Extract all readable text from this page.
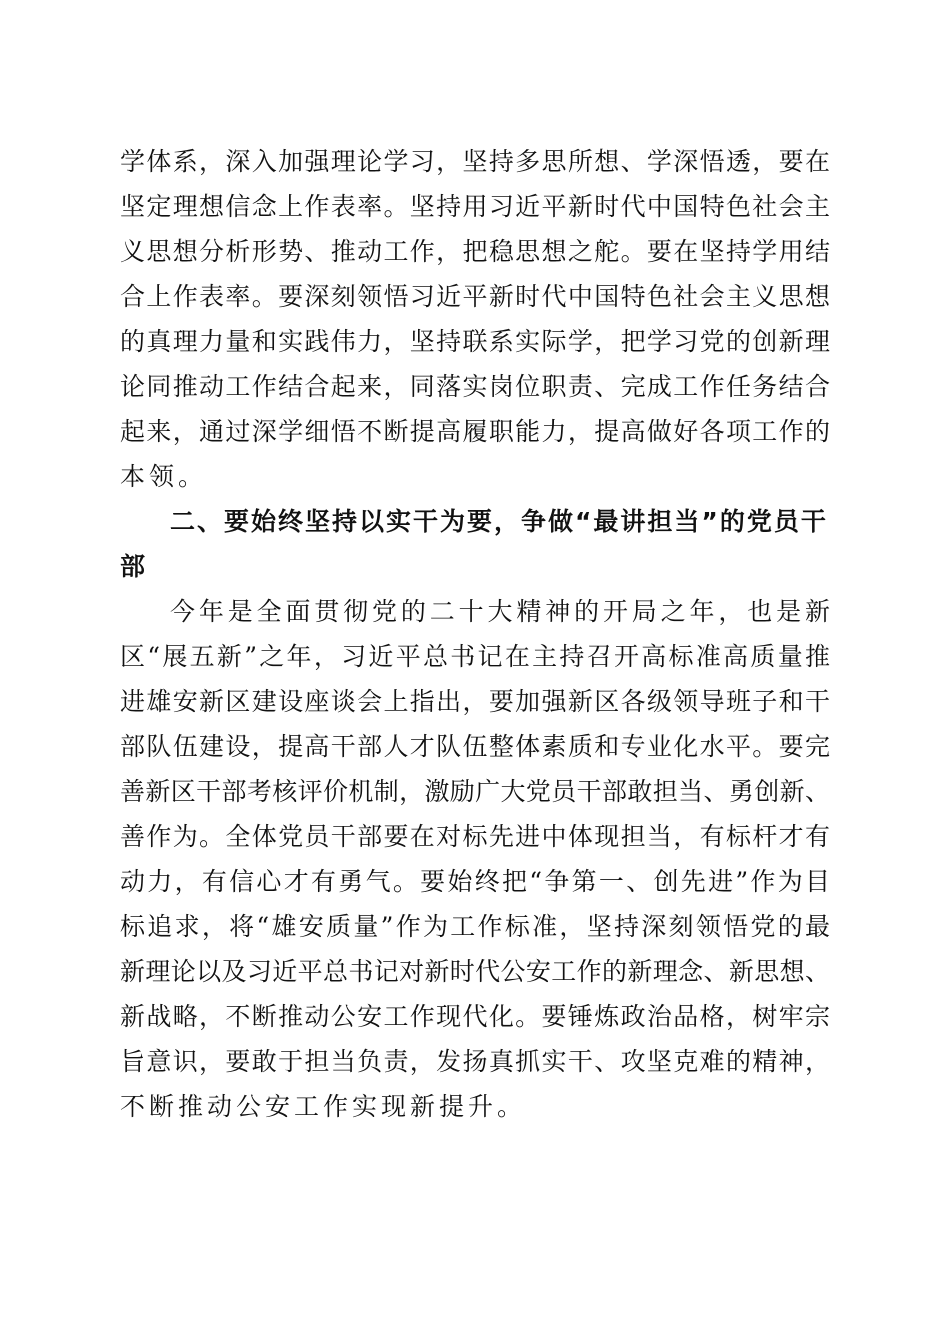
学体系，深入加强理论学习，坚持多思所想、学深悟透，要在
坚定理想信念上作表率。坚持用习近平新时代中国特色社会主
义思想分析形势、推动工作，把稳思想之舵。要在坚持学用结
合上作表率。要深刻领悟习近平新时代中国特色社会主义思想
的真理力量和实践伟力，坚持联系实际学，把学习党的创新理
论同推动工作结合起来，同落实岗位职责、完成工作任务结合
起来，通过深学细悟不断提高履职能力，提高做好各项工作的
本领。
二、要始终坚持以实干为要，争做“最讲担当”的党员干
部
今年是全面贯彻党的二十大精神的开局之年，也是新
区“展五新”之年，习近平总书记在主持召开高标准高质量推
进雄安新区建设座谈会上指出，要加强新区各级领导班子和干
部队伍建设，提高干部人才队伍整体素质和专业化水平。要完
善新区干部考核评价机制，激励广大党员干部敢担当、勇创新、
善作为。全体党员干部要在对标先进中体现担当，有标杆才有
动力，有信心才有勇气。要始终把“争第一、创先进”作为目
标追求，将“雄安质量”作为工作标准，坚持深刻领悟党的最
新理论以及习近平总书记对新时代公安工作的新理念、新思想、
新战略，不断推动公安工作现代化。要锤炼政治品格，树牢宗
旨意识，要敢于担当负责，发扬真抓实干、攻坚克难的精神，
不断推动公安工作实现新提升。
